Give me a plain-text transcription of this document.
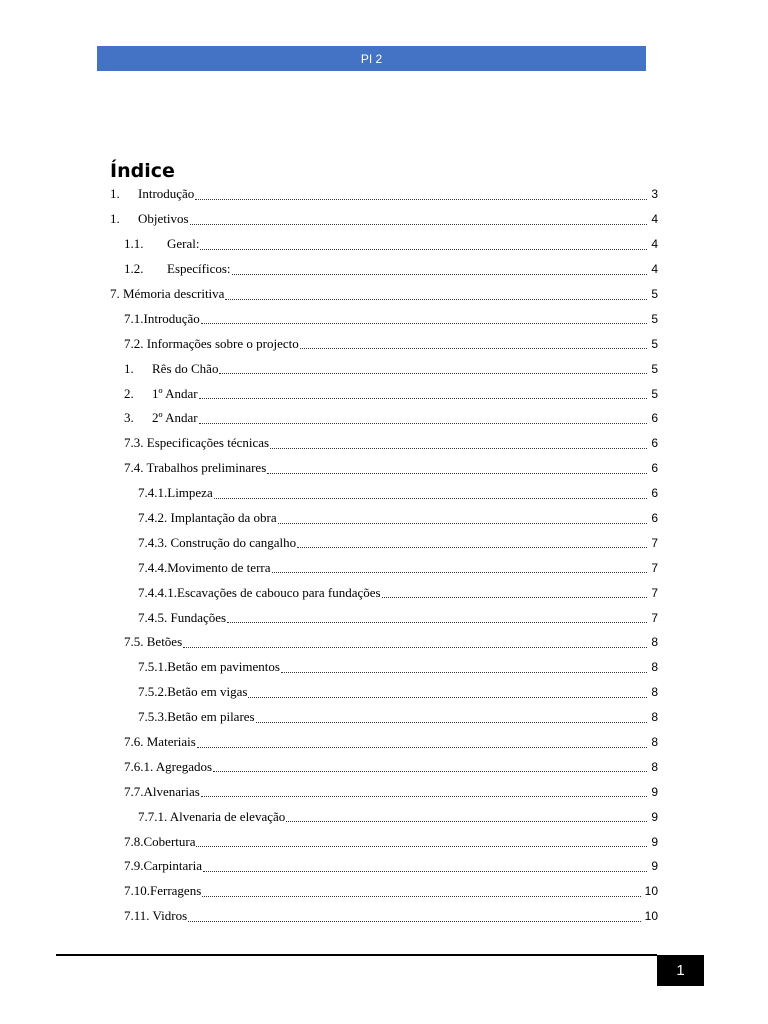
PI 2
Índice
1.	Introdução	3
1.	Objetivos	4
1.1.	Geral:	4
1.2.	Específicos:	4
7. Mémoria descritiva	5
7.1.Introdução	5
7.2. Informações sobre o projecto	5
1.	Rês do Chão	5
2.	1º Andar	5
3.	2º Andar	6
7.3. Especificações técnicas	6
7.4. Trabalhos preliminares	6
7.4.1.Limpeza	6
7.4.2. Implantação da obra	6
7.4.3. Construção do cangalho	7
7.4.4.Movimento de terra	7
7.4.4.1.Escavações de cabouco para fundações	7
7.4.5. Fundações	7
7.5. Betões	8
7.5.1.Betão em pavimentos	8
7.5.2.Betão em vigas	8
7.5.3.Betão em pilares	8
7.6. Materiais	8
7.6.1. Agregados	8
7.7.Alvenarias	9
7.7.1. Alvenaria de elevação	9
7.8.Cobertura	9
7.9.Carpintaria	9
7.10.Ferragens	10
7.11. Vidros	10
1
